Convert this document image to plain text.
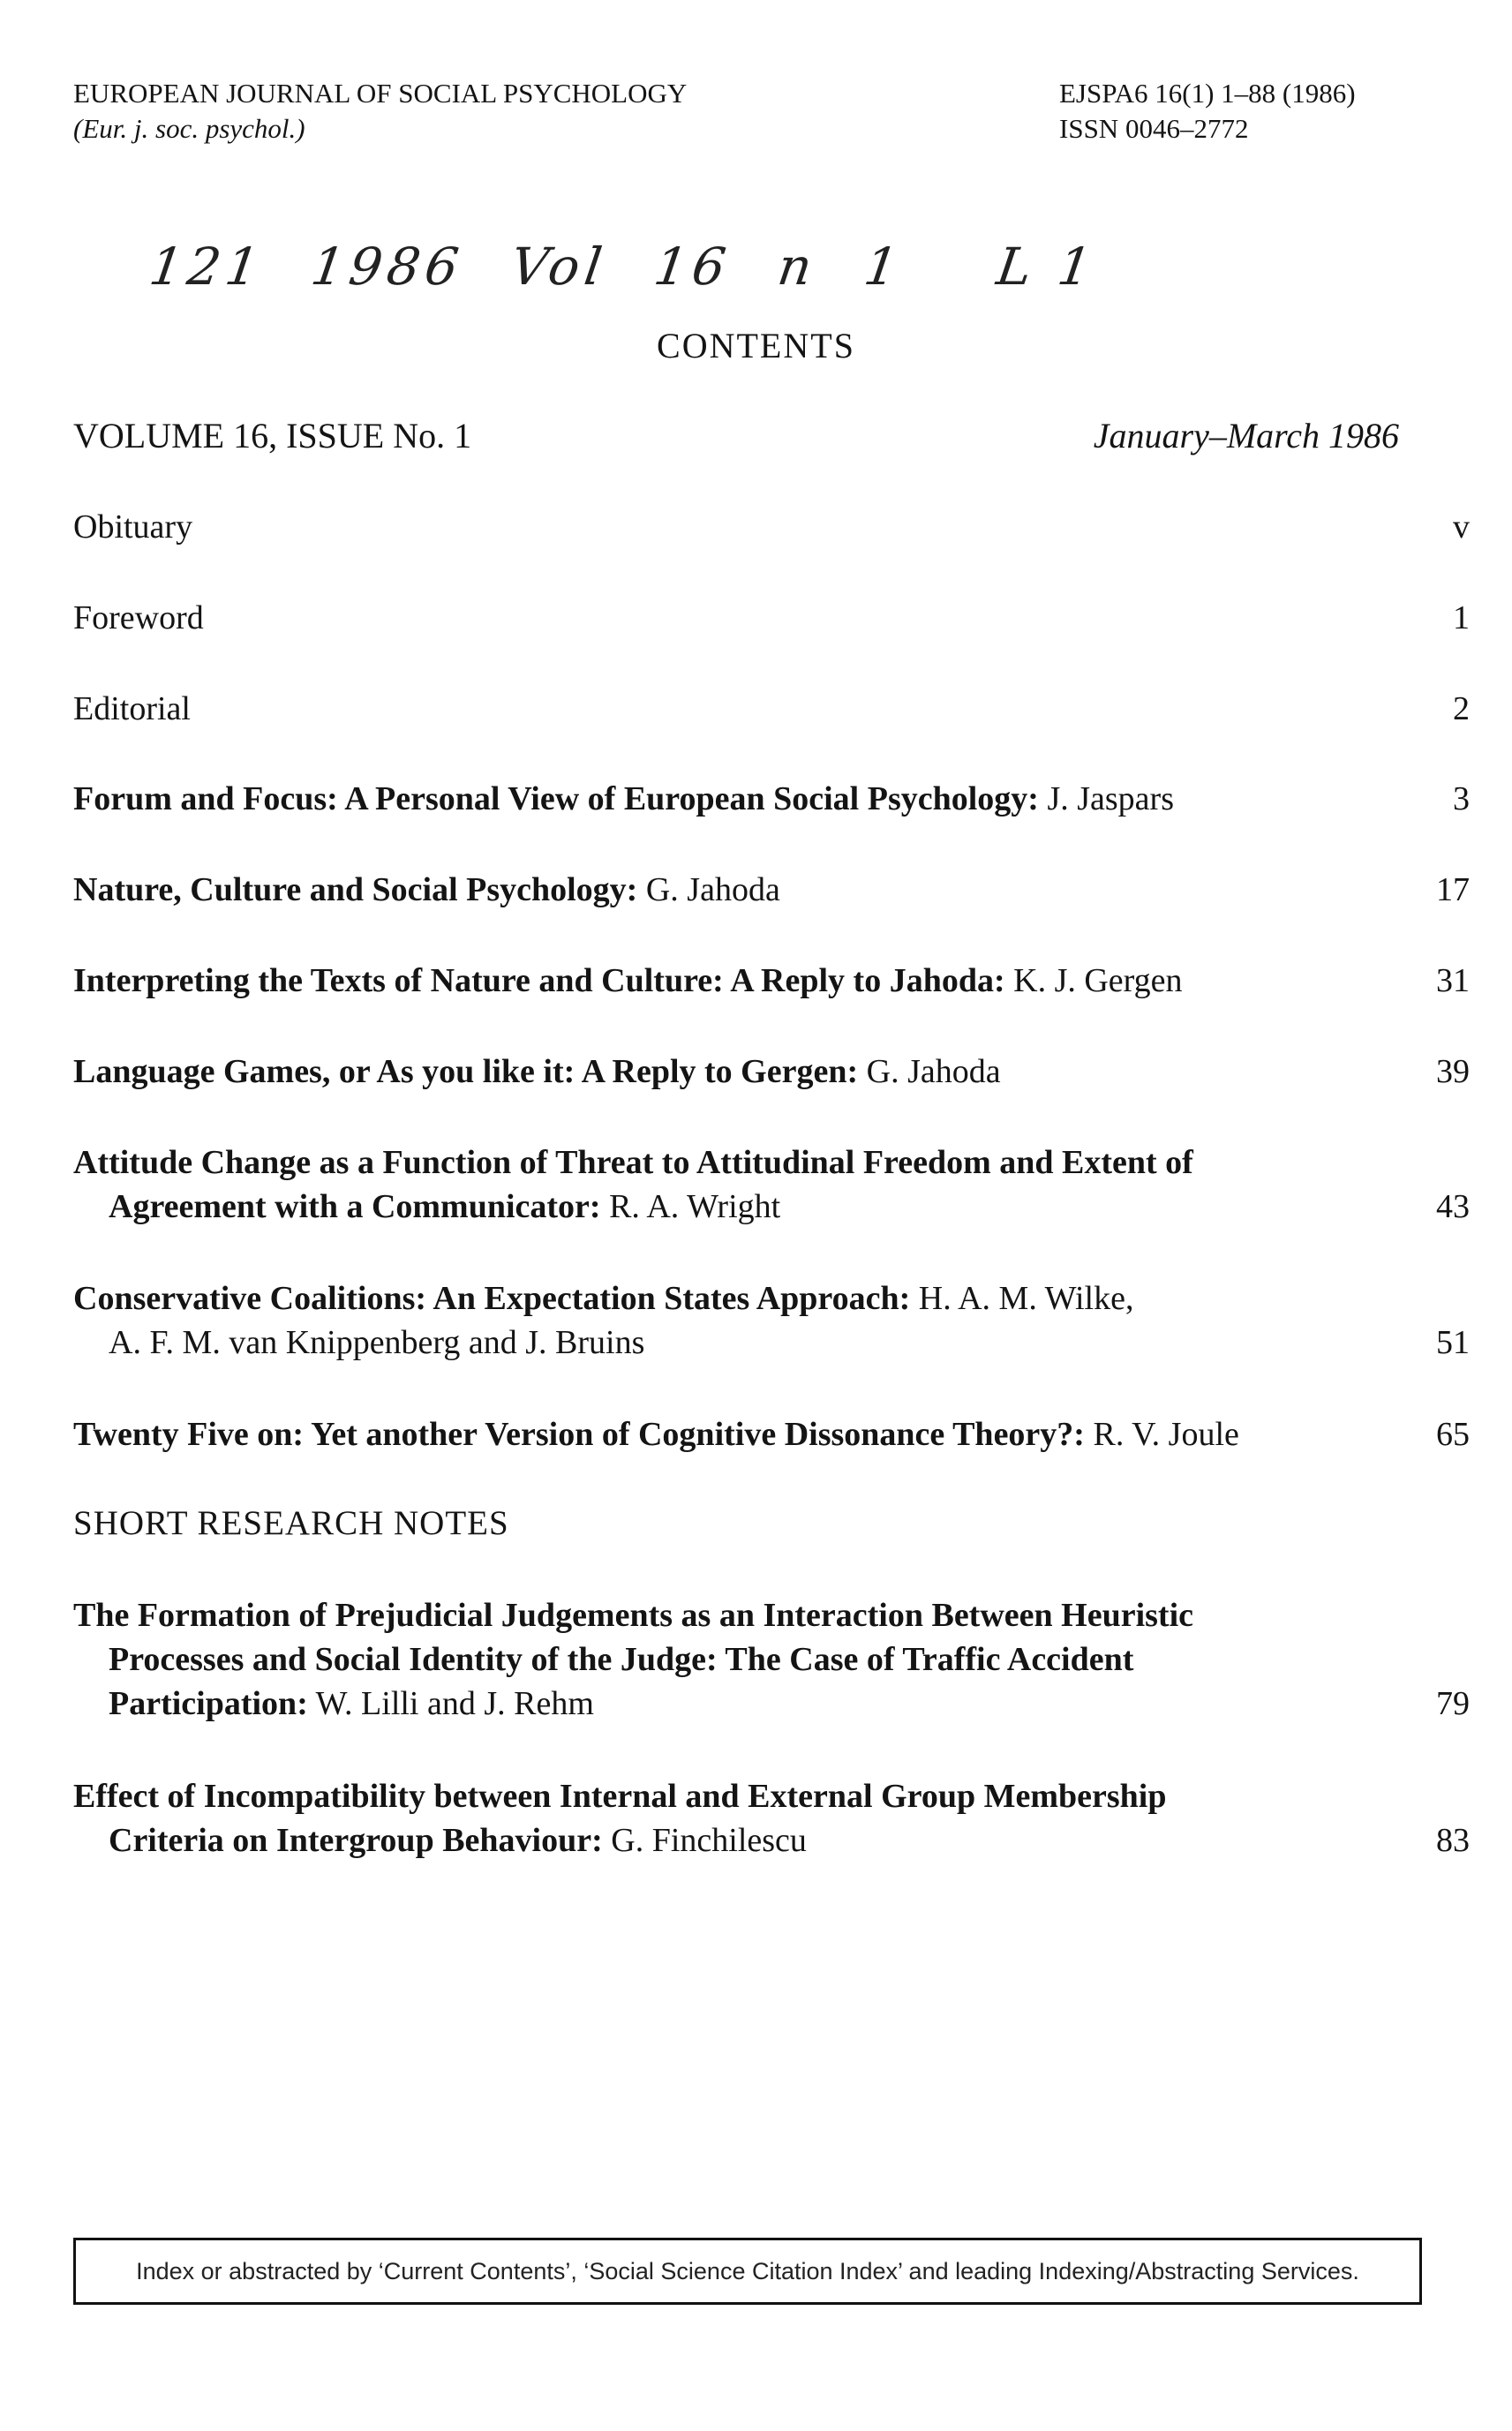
EUROPEAN JOURNAL OF SOCIAL PSYCHOLOGY
(Eur. j. soc. psychol.)
EJSPA6 16(1) 1–88 (1986)
ISSN 0046–2772
121 1986 Vol 16 n 1 L 1
CONTENTS
VOLUME 16, ISSUE No. 1	January–March 1986
Obituary	v
Foreword	1
Editorial	2
Forum and Focus: A Personal View of European Social Psychology: J. Jaspars	3
Nature, Culture and Social Psychology: G. Jahoda	17
Interpreting the Texts of Nature and Culture: A Reply to Jahoda: K. J. Gergen	31
Language Games, or As you like it: A Reply to Gergen: G. Jahoda	39
Attitude Change as a Function of Threat to Attitudinal Freedom and Extent of
Agreement with a Communicator: R. A. Wright	43
Conservative Coalitions: An Expectation States Approach: H. A. M. Wilke,
A. F. M. van Knippenberg and J. Bruins	51
Twenty Five on: Yet another Version of Cognitive Dissonance Theory?: R. V. Joule	65
SHORT RESEARCH NOTES
The Formation of Prejudicial Judgements as an Interaction Between Heuristic
Processes and Social Identity of the Judge: The Case of Traffic Accident
Participation: W. Lilli and J. Rehm	79
Effect of Incompatibility between Internal and External Group Membership
Criteria on Intergroup Behaviour: G. Finchilescu	83
Index or abstracted by ‘Current Contents’, ‘Social Science Citation Index’ and leading Indexing/Abstracting Services.
